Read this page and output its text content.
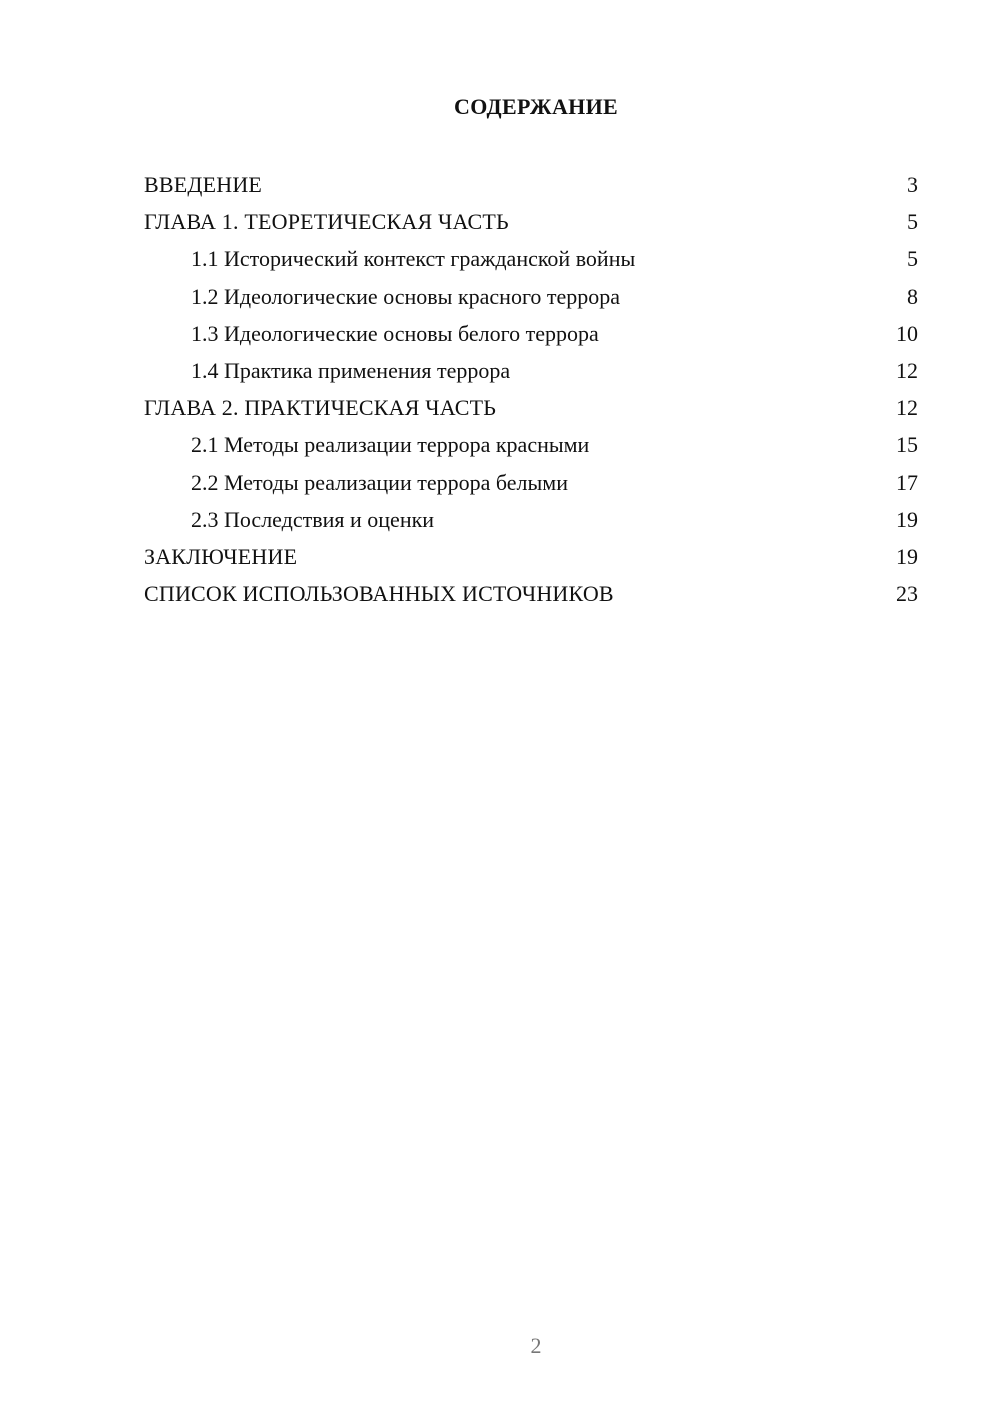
СОДЕРЖАНИЕ
ВВЕДЕНИЕ	3
ГЛАВА 1. ТЕОРЕТИЧЕСКАЯ ЧАСТЬ	5
1.1 Исторический контекст гражданской войны	5
1.2 Идеологические основы красного террора	8
1.3 Идеологические основы белого террора	10
1.4 Практика применения террора	12
ГЛАВА 2. ПРАКТИЧЕСКАЯ ЧАСТЬ	12
2.1 Методы реализации террора красными	15
2.2 Методы реализации террора белыми	17
2.3 Последствия и оценки	19
ЗАКЛЮЧЕНИЕ	19
СПИСОК ИСПОЛЬЗОВАННЫХ ИСТОЧНИКОВ	23
2
